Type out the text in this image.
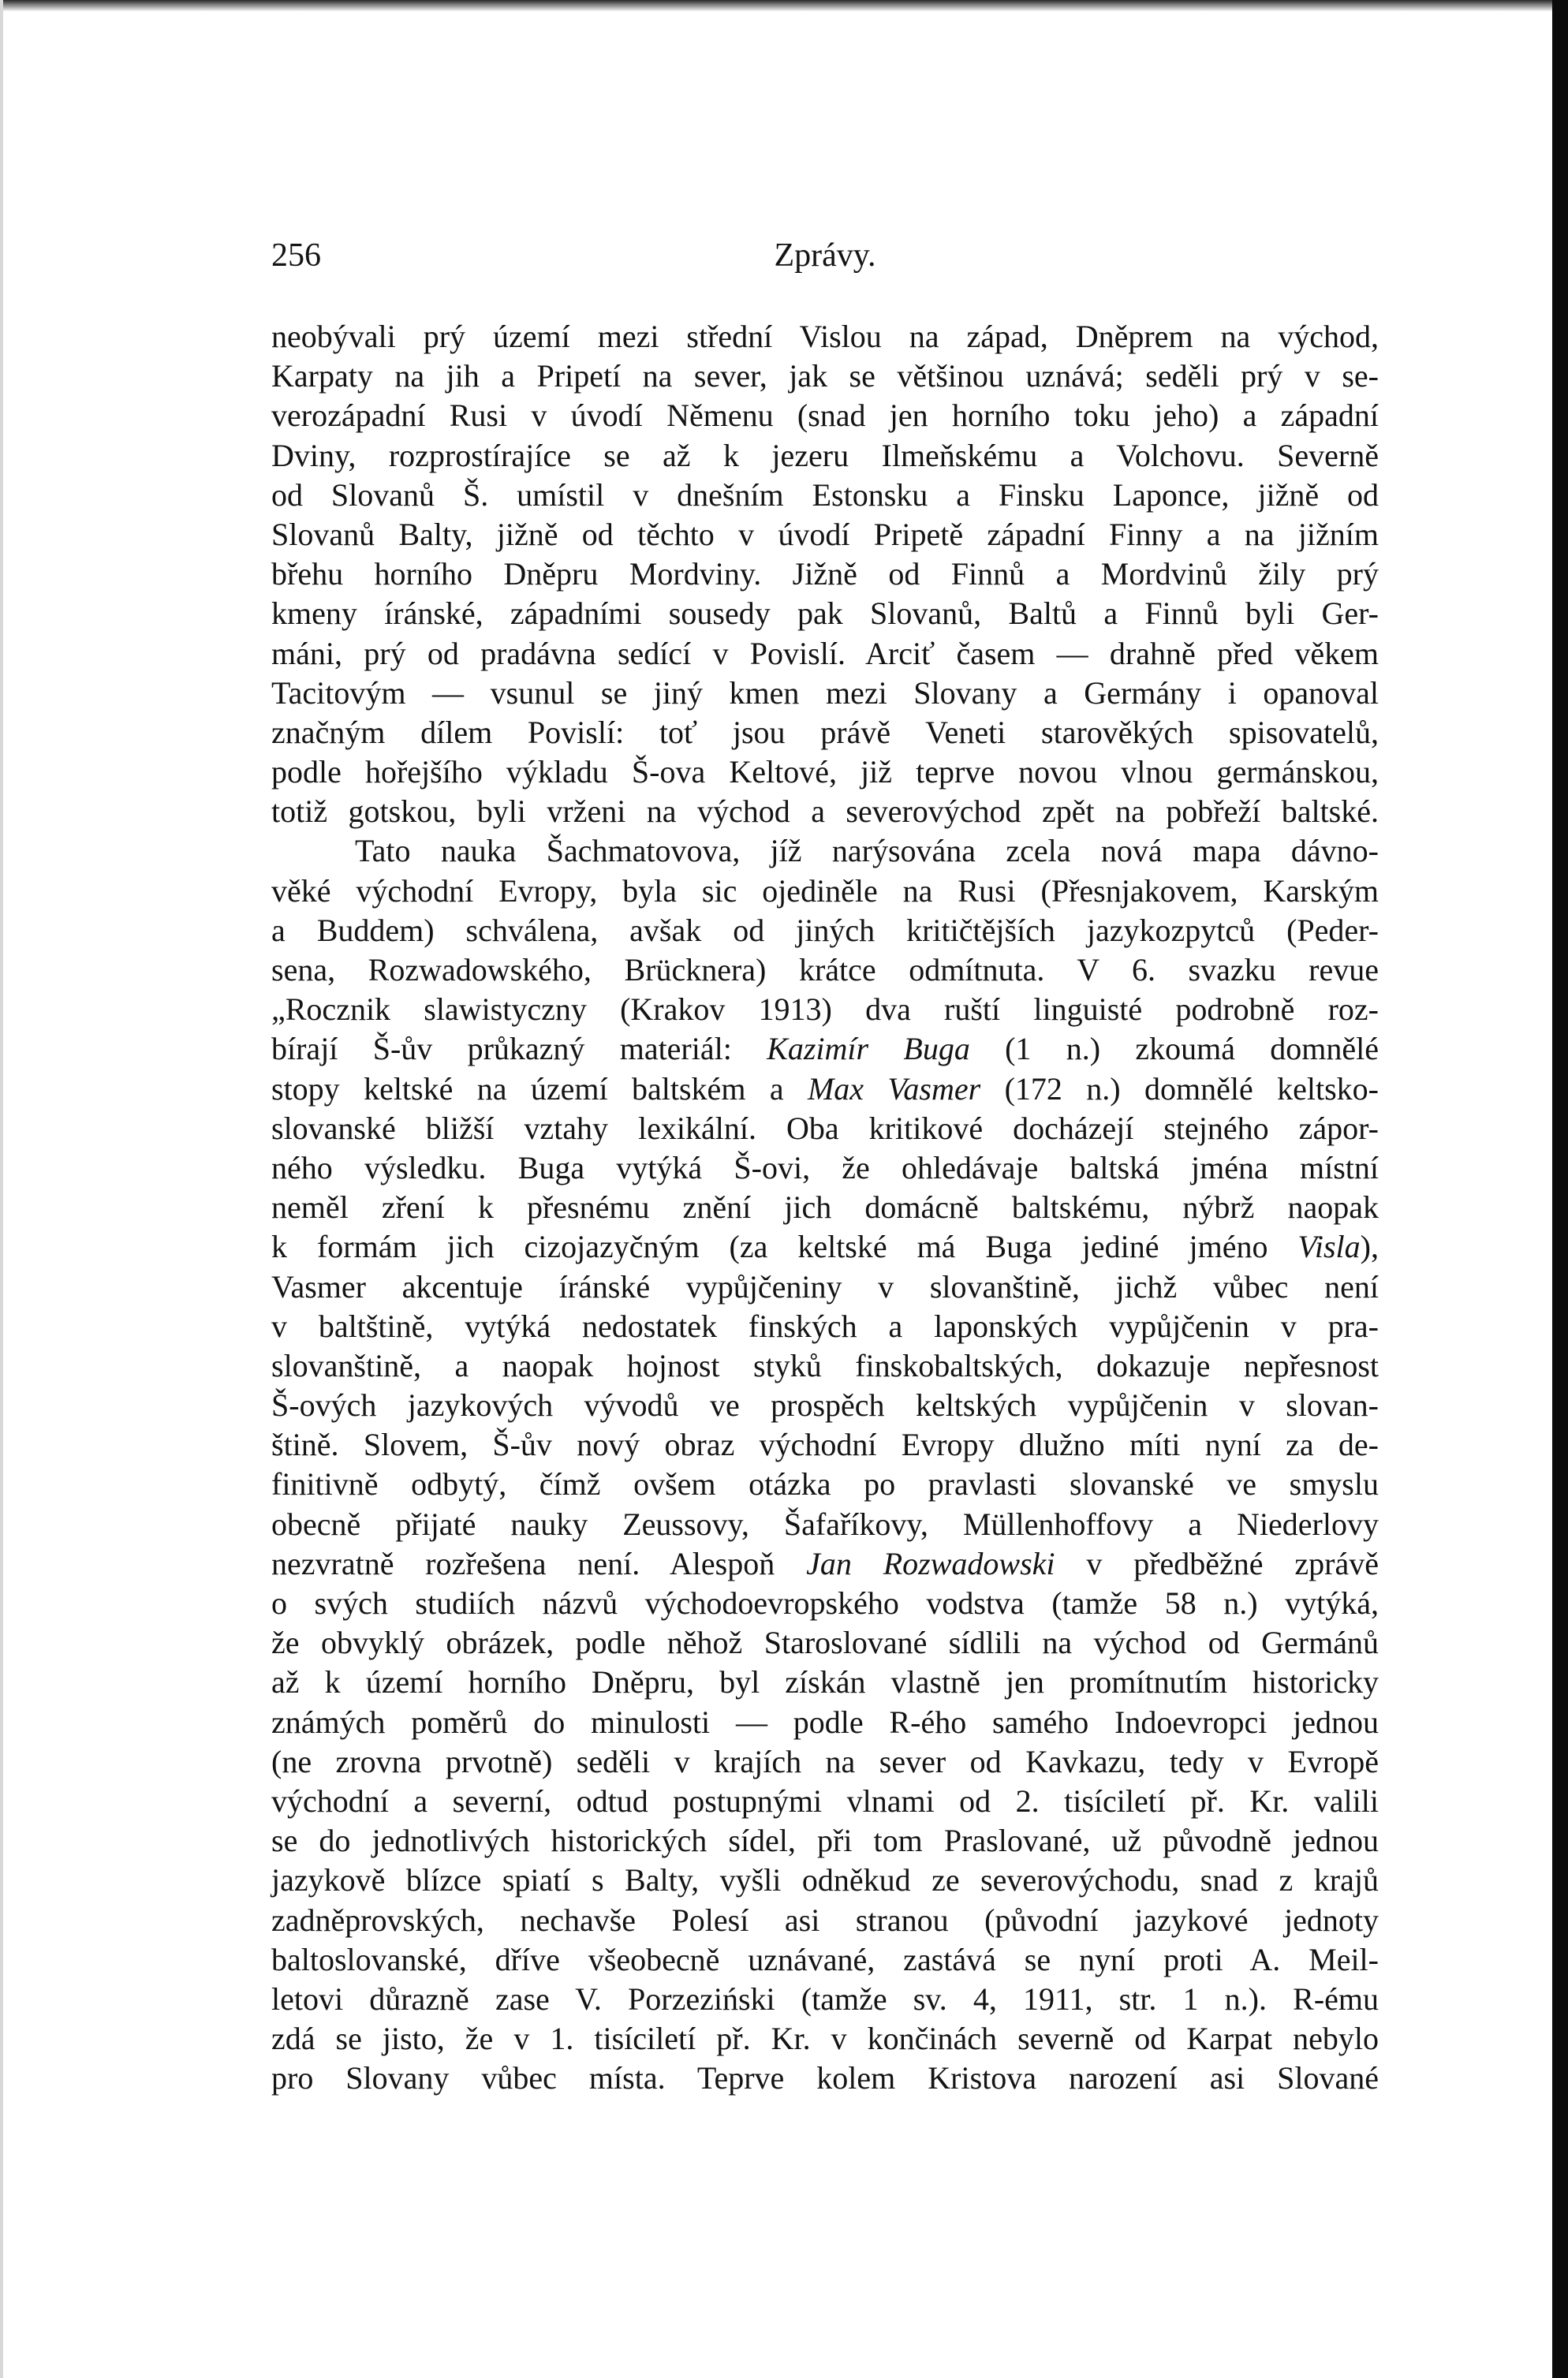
256	Zprávy.
neobývali prý území mezi střední Vislou na západ, Dněprem na východ,
Karpaty na jih a Pripetí na sever, jak se většinou uznává; seděli prý v se-
verozápadní Rusi v úvodí Němenu (snad jen horního toku jeho) a západní
Dviny, rozprostírajíce se až k jezeru Ilmeňskému a Volchovu. Severně
od Slovanů Š. umístil v dnešním Estonsku a Finsku Laponce, jižně od
Slovanů Balty, jižně od těchto v úvodí Pripetě západní Finny a na jižním
břehu horního Dněpru Mordviny. Jižně od Finnů a Mordvinů žily prý
kmeny íránské, západními sousedy pak Slovanů, Baltů a Finnů byli Ger-
máni, prý od pradávna sedící v Povislí. Arciť časem — drahně před věkem
Tacitovým — vsunul se jiný kmen mezi Slovany a Germány i opanoval
značným dílem Povislí: toť jsou právě Veneti starověkých spisovatelů,
podle hořejšího výkladu Š-ova Keltové, již teprve novou vlnou germánskou,
totiž gotskou, byli vrženi na východ a severovýchod zpět na pobřeží baltské.
Tato nauka Šachmatovova, jíž narýsována zcela nová mapa dávno-
věké východní Evropy, byla sic ojediněle na Rusi (Přesnjakovem, Karským
a Buddem) schválena, avšak od jiných kritičtějších jazykozpytců (Peder-
sena, Rozwadowského, Brücknera) krátce odmítnuta. V 6. svazku revue
„Rocznik slawistyczny (Krakov 1913) dva ruští linguisté podrobně roz-
bírají Š-ův průkazný materiál: Kazimír Buga (1 n.) zkoumá domnělé
stopy keltské na území baltském a Max Vasmer (172 n.) domnělé keltsko-
slovanské bližší vztahy lexikální. Oba kritikové docházejí stejného zápor-
ného výsledku. Buga vytýká Š-ovi, že ohledávaje baltská jména místní
neměl zření k přesnému znění jich domácně baltskému, nýbrž naopak
k formám jich cizojazyčným (za keltské má Buga jediné jméno Visla),
Vasmer akcentuje íránské vypůjčeniny v slovanštině, jichž vůbec není
v baltštině, vytýká nedostatek finských a laponských vypůjčenin v pra-
slovanštině, a naopak hojnost styků finskobaltských, dokazuje nepřesnost
Š-ových jazykových vývodů ve prospěch keltských vypůjčenin v slovan-
štině. Slovem, Š-ův nový obraz východní Evropy dlužno míti nyní za de-
finitivně odbytý, čímž ovšem otázka po pravlasti slovanské ve smyslu
obecně přijaté nauky Zeussovy, Šafaříkovy, Müllenhoffovy a Niederlovy
nezvratně rozřešena není. Alespoň Jan Rozwadowski v předběžné zprávě
o svých studiích názvů východoevropského vodstva (tamže 58 n.) vytýká,
že obvyklý obrázek, podle něhož Staroslované sídlili na východ od Germánů
až k území horního Dněpru, byl získán vlastně jen promítnutím historicky
známých poměrů do minulosti — podle R-ého samého Indoevropci jednou
(ne zrovna prvotně) seděli v krajích na sever od Kavkazu, tedy v Evropě
východní a severní, odtud postupnými vlnami od 2. tisíciletí př. Kr. valili
se do jednotlivých historických sídel, při tom Praslované, už původně jednou
jazykově blízce spiatí s Balty, vyšli odněkud ze severovýchodu, snad z krajů
zadněprovských, nechavše Polesí asi stranou (původní jazykové jednoty
baltoslovanské, dříve všeobecně uznávané, zastává se nyní proti A. Meil-
letovi důrazně zase V. Porzeziński (tamže sv. 4, 1911, str. 1 n.). R-ému
zdá se jisto, že v 1. tisíciletí př. Kr. v končinách severně od Karpat nebylo
pro Slovany vůbec místa. Teprve kolem Kristova narození asi Slované
